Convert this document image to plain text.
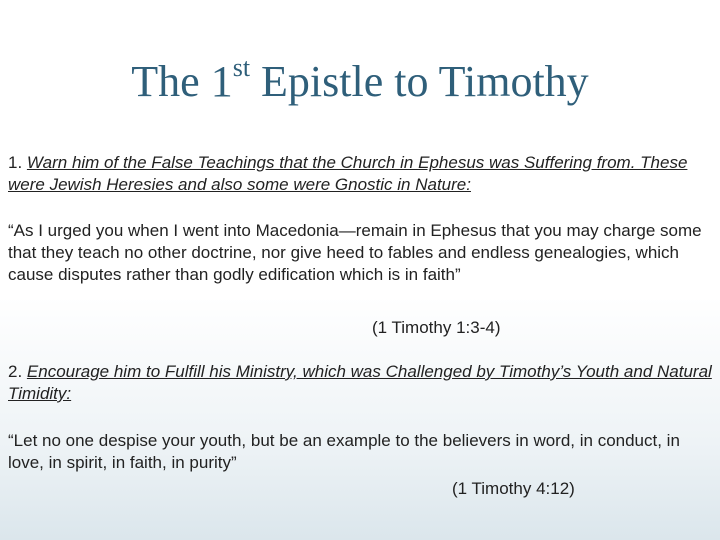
The 1st Epistle to Timothy
1. Warn him of the False Teachings that the Church in Ephesus was Suffering from. These were Jewish Heresies and also some were Gnostic in Nature:
“As I urged you when I went into Macedonia—remain in Ephesus that you may charge some that they teach no other doctrine, nor give heed to fables and endless genealogies, which cause disputes rather than godly edification which is in faith”
(1 Timothy 1:3-4)
2. Encourage him to Fulfill his Ministry, which was Challenged by Timothy’s Youth and Natural Timidity:
“Let no one despise your youth, but be an example to the believers in word, in conduct, in love, in spirit, in faith, in purity”
(1 Timothy 4:12)
